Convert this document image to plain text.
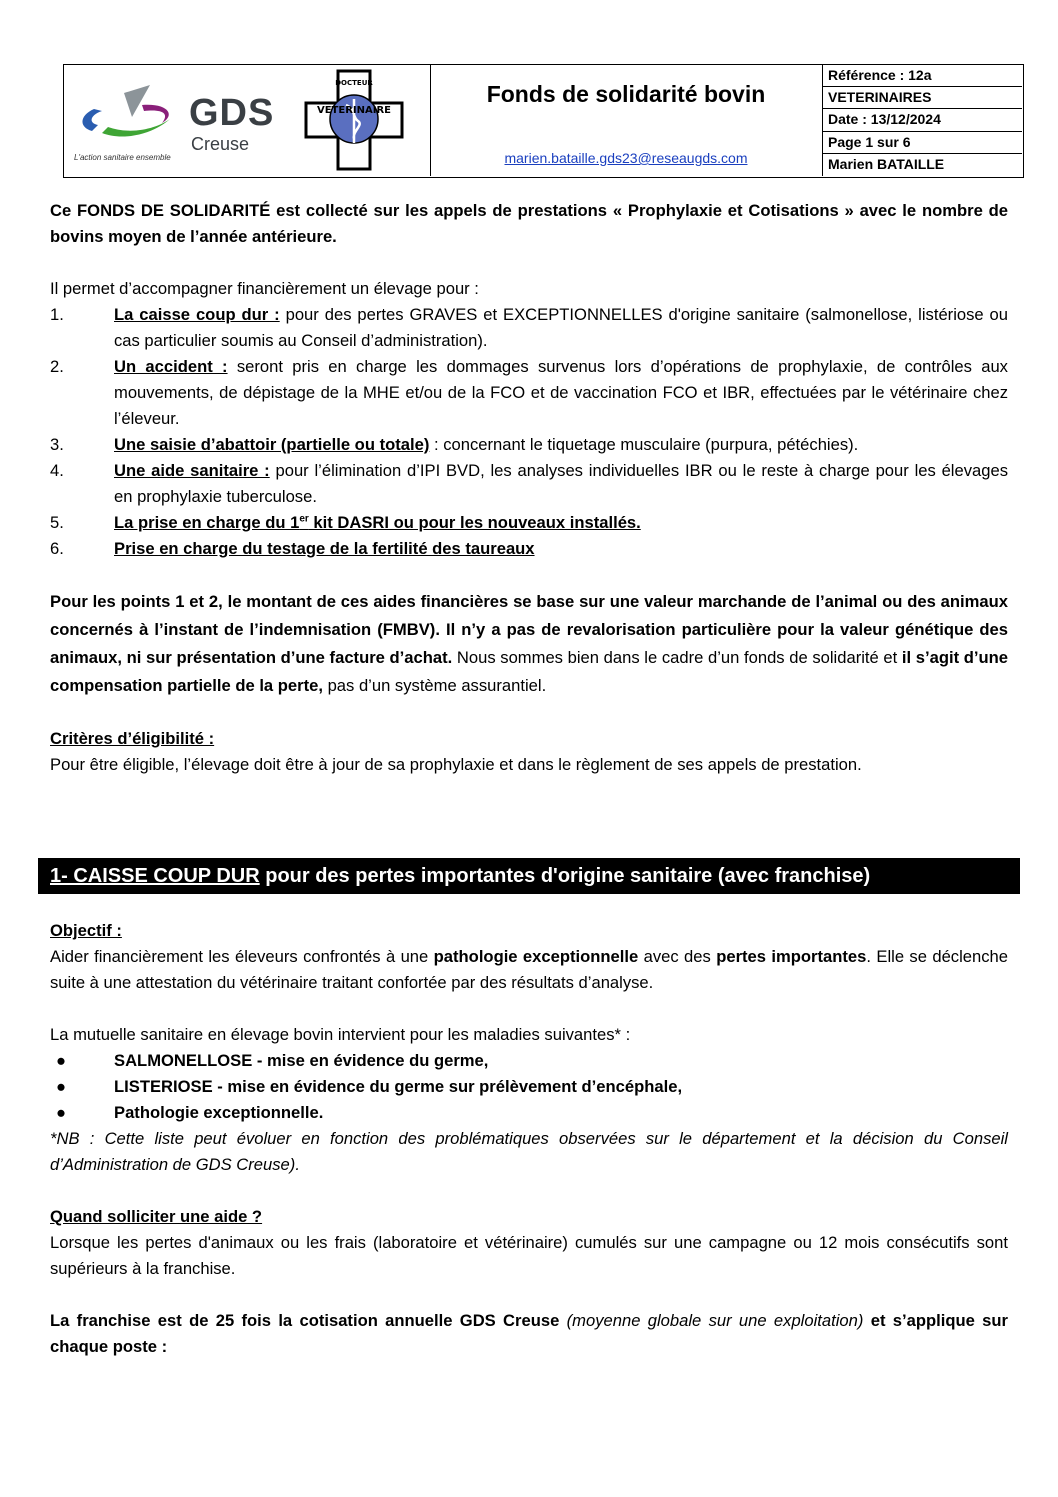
GDS
Creuse
L'action sanitaire ensemble
DOCTEUR
VETERINAIRE
Fonds de solidarité bovin
marien.bataille.gds23@reseaugds.com
Référence : 12a
VETERINAIRES
Date : 13/12/2024
Page 1 sur 6
Marien BATAILLE

Ce FONDS DE SOLIDARITÉ est collecté sur les appels de prestations « Prophylaxie et Cotisations » avec le nombre de bovins moyen de l’année antérieure.

Il permet d’accompagner financièrement un élevage pour :

1.	La caisse coup dur : pour des pertes GRAVES et EXCEPTIONNELLES d'origine sanitaire (salmonellose, listériose ou cas particulier soumis au Conseil d’administration).
2.	Un accident : seront pris en charge les dommages survenus lors d’opérations de prophylaxie, de contrôles aux mouvements, de dépistage de la MHE et/ou de la FCO et de vaccination FCO et IBR, effectuées par le vétérinaire chez l’éleveur.
3.	Une saisie d’abattoir (partielle ou totale) : concernant le tiquetage musculaire (purpura, pétéchies).
4.	Une aide sanitaire : pour l’élimination d’IPI BVD, les analyses individuelles IBR ou le reste à charge pour les élevages en prophylaxie tuberculose.
5.	La prise en charge du 1er kit DASRI ou pour les nouveaux installés.
6.	Prise en charge du testage de la fertilité des taureaux

Pour les points 1 et 2, le montant de ces aides financières se base sur une valeur marchande de l’animal ou des animaux concernés à l’instant de l’indemnisation (FMBV). Il n’y a pas de revalorisation particulière pour la valeur génétique des animaux, ni sur présentation d’une facture d’achat. Nous sommes bien dans le cadre d’un fonds de solidarité et il s’agit d’une compensation partielle de la perte, pas d’un système assurantiel.

Critères d’éligibilité :

Pour être éligible, l’élevage doit être à jour de sa prophylaxie et dans le règlement de ses appels de prestation.

1- CAISSE COUP DUR pour des pertes importantes d'origine sanitaire (avec franchise)

Objectif :

Aider financièrement les éleveurs confrontés à une pathologie exceptionnelle avec des pertes importantes. Elle se déclenche suite à une attestation du vétérinaire traitant confortée par des résultats d’analyse.

La mutuelle sanitaire en élevage bovin intervient pour les maladies suivantes* :

●	SALMONELLOSE - mise en évidence du germe,
●	LISTERIOSE - mise en évidence du germe sur prélèvement d’encéphale,
●	Pathologie exceptionnelle.

*NB : Cette liste peut évoluer en fonction des problématiques observées sur le département et la décision du Conseil d’Administration de GDS Creuse).

Quand solliciter une aide ?

Lorsque les pertes d'animaux ou les frais (laboratoire et vétérinaire) cumulés sur une campagne ou 12 mois consécutifs sont supérieurs à la franchise.

La franchise est de 25 fois la cotisation annuelle GDS Creuse (moyenne globale sur une exploitation) et s’applique sur chaque poste :
